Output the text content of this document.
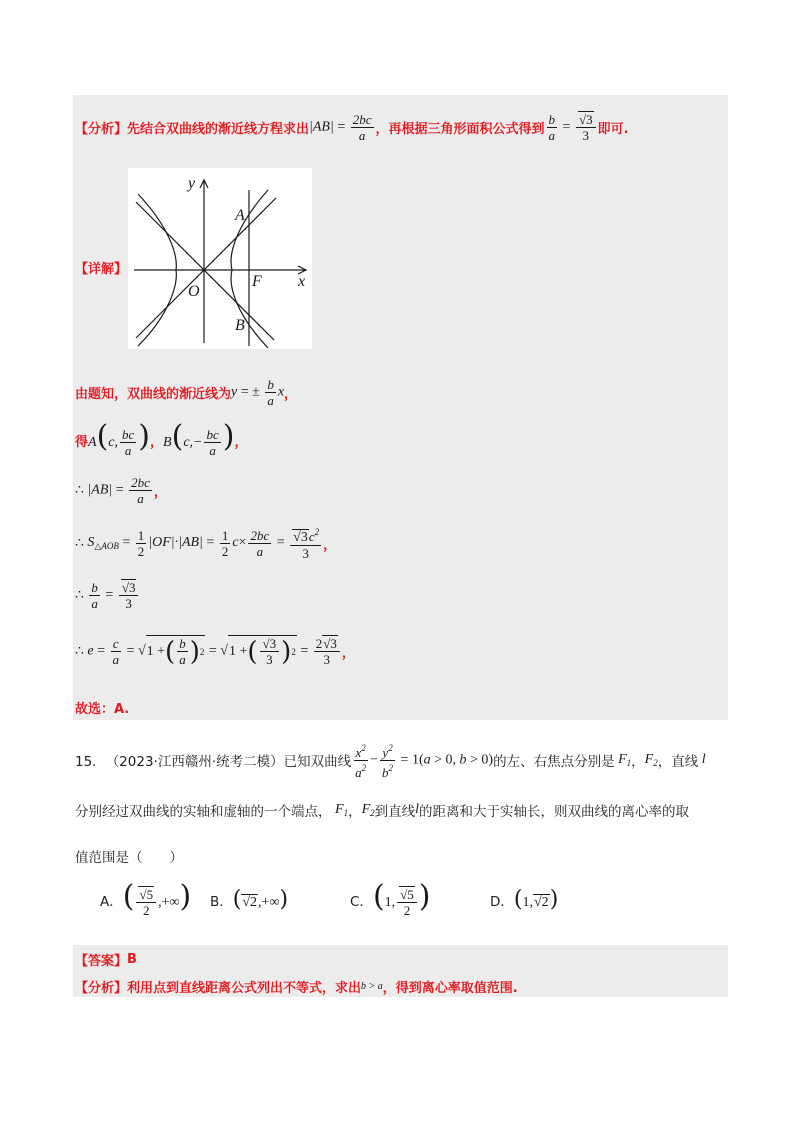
【分析】 先结合双曲线的渐近线方程求出 $|AB| = \frac{2bc}{a}$ ，再根据三角形面积公式得到 $\frac{b}{a} = \frac{√3}{3}$ 即可.
【详解】
y
x
A
B
O
F
由题知，双曲线的渐近线为 y = ± $\frac{b}{a}$ x ，
得 A(c, $\frac{bc}{a}$ ) ， $B(c,- \frac{bc}{a}$ ) ，
∴ $|AB| = \frac{2bc}{a}$ ，
∴ $S_{\triangle AOB} = \frac{1}{2} |OF|\cdot|AB| = \frac{1}{2} c\times \frac{2bc}{a} = \frac{√3c^2}{3}$ ，
∴
$\frac{b}{a} = \frac{√3}{3}$
∴ $e = \frac{c}{a} = √1$ + ( $\frac{b}{a}$ ) 2 = √1 + ( $\frac{√3}{3}$ ) $2 = \frac{2√3}{3}$ ，
故选：A.
15． （2023·江西赣州·统考二模） 已知双曲线 $\frac{x^2}{a^2} - \frac{y^2}{b^2} = 1(a > 0$, b > 0) 的左、右焦点分别是 $F_1$ ， $F_2$ ，直线 l
分别经过双曲线的实轴和虚轴的一个端点， $F_1$ ， $F_2$ 到直线 l 的距离和大于实轴长，则双曲线的离心率的取
值范围是（　　）
A． ( $\frac{√5}{2}$ ,+∞) B． (√2,+∞)	C． (1, $\frac{√5}{2}$ )	D． (1,√2)
【答案】 B
【分析】 利用点到直线距离公式列出不等式，求出 b > a ，得到离心率取值范围.
